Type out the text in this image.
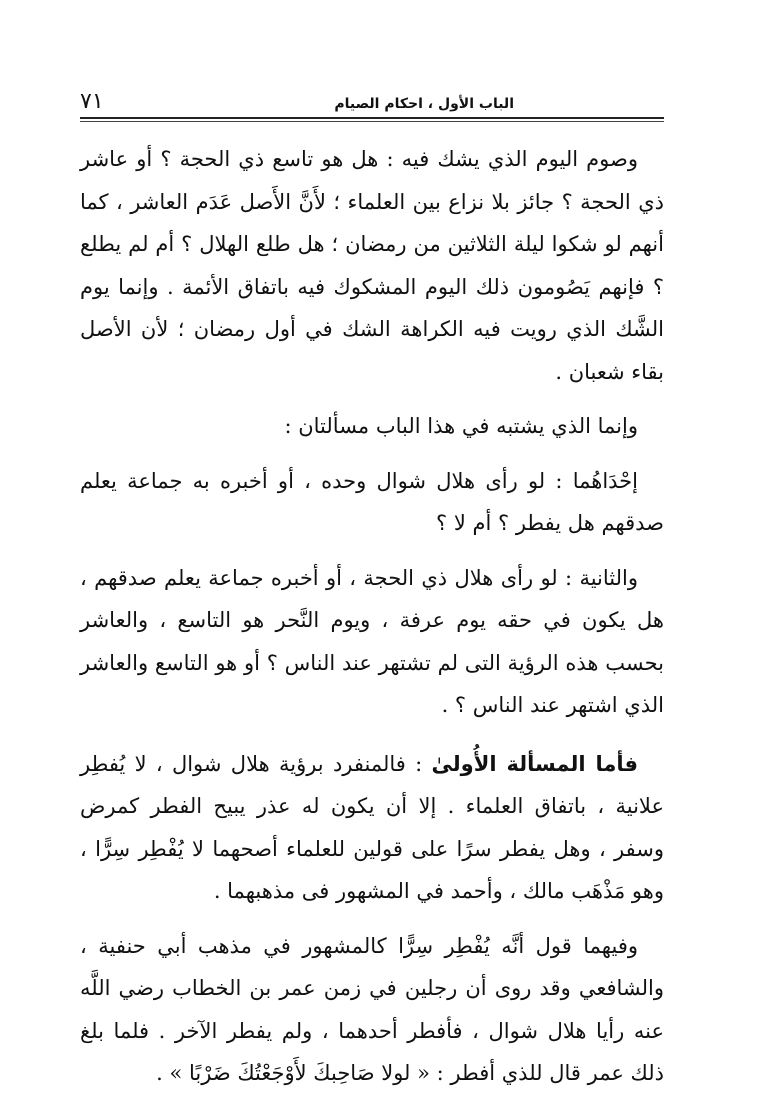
الباب الأول ، احكام الصيام
٧١

وصوم اليوم الذي يشك فيه : هل هو تاسع ذي الحجة ؟ أو عاشر ذي الحجة ؟ جائز بلا نزاع بين العلماء ؛ لأَنَّ الأَصل عَدَم العاشر ، كما أنهم لو شكوا ليلة الثلاثين من رمضان ؛ هل طلع الهلال ؟ أم لم يطلع ؟ فإنهم يَصُومون ذلك اليوم المشكوك فيه باتفاق الأئمة . وإنما يوم الشَّك الذي رويت فيه الكراهة الشك في أول رمضان ؛ لأن الأصل بقاء شعبان .

وإنما الذي يشتبه في هذا الباب مسألتان :

إحْدَاهُما : لو رأى هلال شوال وحده ، أو أخبره به جماعة يعلم صدقهم هل يفطر ؟ أم لا ؟

والثانية : لو رأى هلال ذي الحجة ، أو أخبره جماعة يعلم صدقهم ، هل يكون في حقه يوم عرفة ، ويوم النَّحر هو التاسع ، والعاشر بحسب هذه الرؤية التى لم تشتهر عند الناس ؟ أو هو التاسع والعاشر الذي اشتهر عند الناس ؟ .

فأما المسألة الأُولىٰ : فالمنفرد برؤية هلال شوال ، لا يُفطِر علانية ، باتفاق العلماء . إلا أن يكون له عذر يبيح الفطر كمرض وسفر ، وهل يفطر سرًا على قولين للعلماء أصحهما لا يُفْطِر سِرًّا ، وهو مَذْهَب مالك ، وأحمد في المشهور فى مذهبهما .

وفيهما قول أنَّه يُفْطِر سِرًّا كالمشهور في مذهب أبي حنفية ، والشافعي وقد روى أن رجلين في زمن عمر بن الخطاب رضي اللَّه عنه رأيا هلال شوال ، فأفطر أحدهما ، ولم يفطر الآخر . فلما بلغ ذلك عمر قال للذي أفطر : « لولا صَاحِبكَ لأَوْجَعْتُكَ ضَرْبًا » .
